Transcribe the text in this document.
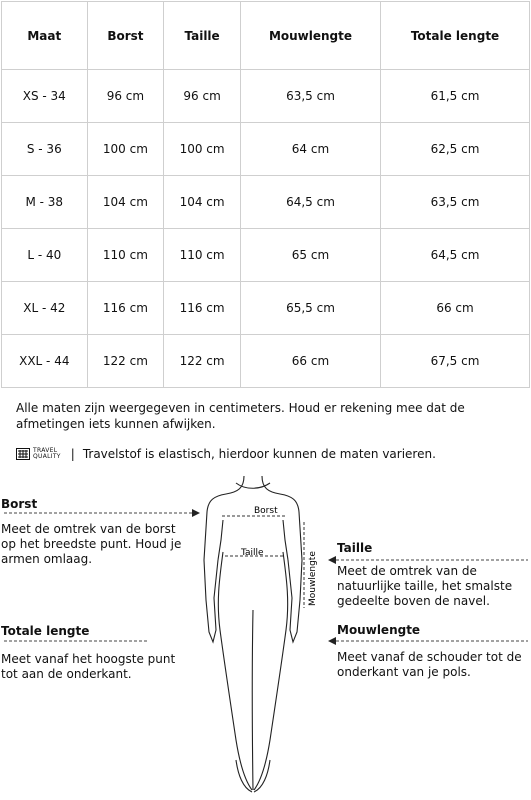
Maat	Borst	Taille	Mouwlengte	Totale lengte
XS - 34	96 cm	96 cm	63,5 cm	61,5 cm
S - 36	100 cm	100 cm	64 cm	62,5 cm
M - 38	104 cm	104 cm	64,5 cm	63,5 cm
L - 40	110 cm	110 cm	65 cm	64,5 cm
XL - 42	116 cm	116 cm	65,5 cm	66 cm
XXL - 44	122 cm	122 cm	66 cm	67,5 cm
Alle maten zijn weergegeven in centimeters. Houd er rekening mee dat de afmetingen iets kunnen afwijken.
TRAVEL
QUALITY | Travelstof is elastisch, hierdoor kunnen de maten varieren.
Borst
Taille	Mouwlengte
Borst
Meet de omtrek van de borst op het breedste punt. Houd je armen omlaag.
Totale lengte
Meet vanaf het hoogste punt tot aan de onderkant.
Taille
Meet de omtrek van de natuurlijke taille, het smalste gedeelte boven de navel.
Mouwlengte
Meet vanaf de schouder tot de onderkant van je pols.
